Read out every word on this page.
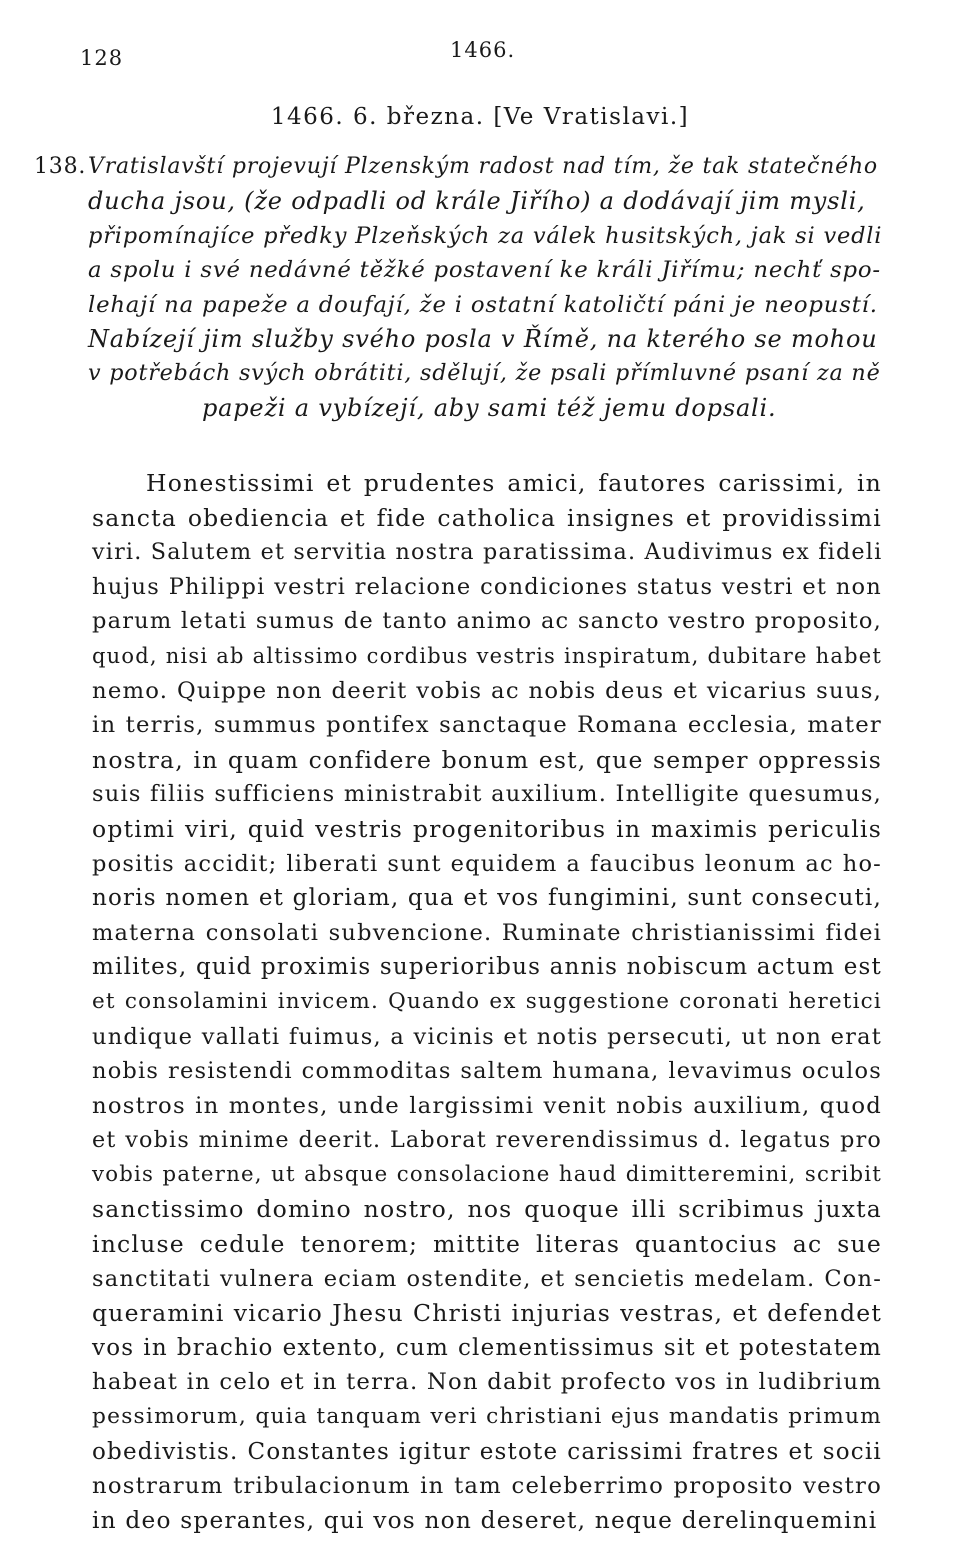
128	1466.
1466. 6. března. [Ve Vratislavi.]
138.Vratislavští projevují Plzenským radost nad tím, že tak statečného
ducha jsou, (že odpadli od krále Jiřího) a dodávají jim mysli,
připomínajíce předky Plzeňských za válek husitských, jak si vedli
a spolu i své nedávné těžké postavení ke králi Jiřímu; nechť spo-
lehají na papeže a doufají, že i ostatní katoličtí páni je neopustí.
Nabízejí jim služby svého posla v Římě, na kterého se mohou
v potřebách svých obrátiti, sdělují, že psali přímluvné psaní za ně
papeži a vybízejí, aby sami též jemu dopsali.
Honestissimi et prudentes amici, fautores carissimi, in
sancta obediencia et fide catholica insignes et providissimi
viri. Salutem et servitia nostra paratissima. Audivimus ex fideli
hujus Philippi vestri relacione condiciones status vestri et non
parum letati sumus de tanto animo ac sancto vestro proposito,
quod, nisi ab altissimo cordibus vestris inspiratum, dubitare habet
nemo. Quippe non deerit vobis ac nobis deus et vicarius suus,
in terris, summus pontifex sanctaque Romana ecclesia, mater
nostra, in quam confidere bonum est, que semper oppressis
suis filiis sufficiens ministrabit auxilium. Intelligite quesumus,
optimi viri, quid vestris progenitoribus in maximis periculis
positis accidit; liberati sunt equidem a faucibus leonum ac ho-
noris nomen et gloriam, qua et vos fungimini, sunt consecuti,
materna consolati subvencione. Ruminate christianissimi fidei
milites, quid proximis superioribus annis nobiscum actum est
et consolamini invicem. Quando ex suggestione coronati heretici
undique vallati fuimus, a vicinis et notis persecuti, ut non erat
nobis resistendi commoditas saltem humana, levavimus oculos
nostros in montes, unde largissimi venit nobis auxilium, quod
et vobis minime deerit. Laborat reverendissimus d. legatus pro
vobis paterne, ut absque consolacione haud dimitteremini, scribit
sanctissimo domino nostro, nos quoque illi scribimus juxta
incluse cedule tenorem; mittite literas quantocius ac sue
sanctitati vulnera eciam ostendite, et sencietis medelam. Con-
queramini vicario Jhesu Christi injurias vestras, et defendet
vos in brachio extento, cum clementissimus sit et potestatem
habeat in celo et in terra. Non dabit profecto vos in ludibrium
pessimorum, quia tanquam veri christiani ejus mandatis primum
obedivistis. Constantes igitur estote carissimi fratres et socii
nostrarum tribulacionum in tam celeberrimo proposito vestro
in deo sperantes, qui vos non deseret, neque derelinquemini
